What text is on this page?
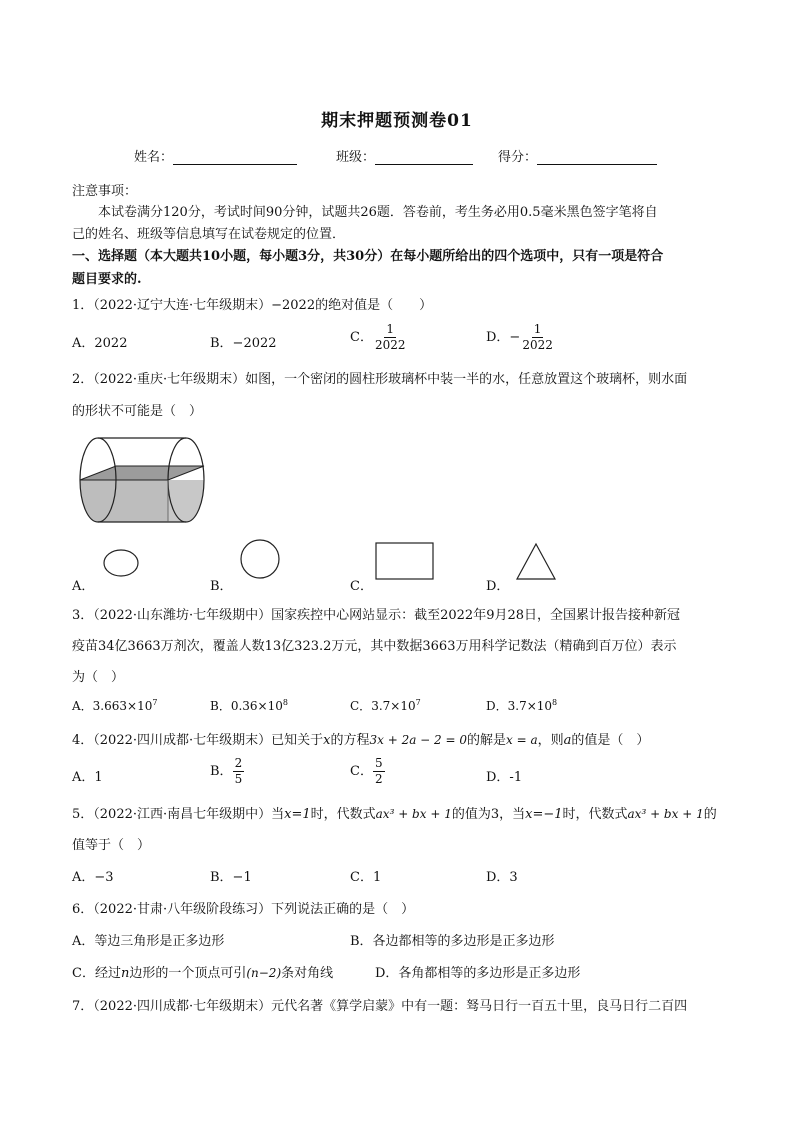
期末押题预测卷01
姓名：	班级：	得分：
注意事项：
本试卷满分120分，考试时间90分钟，试题共26题．答卷前，考生务必用0.5毫米黑色签字笔将自
己的姓名、班级等信息填写在试卷规定的位置．
一、选择题（本大题共10小题，每小题3分，共30分）在每小题所给出的四个选项中，只有一项是符合
题目要求的.
1．（2022·辽宁大连·七年级期末）−2022的绝对值是（　　）
A．2022	B．−2022	C． $\frac{1}{2022}$	D．− $\frac{1}{2022}$
2．（2022·重庆·七年级期末）如图，一个密闭的圆柱形玻璃杯中装一半的水，任意放置这个玻璃杯，则水面
的形状不可能是（　）
A．	B．	C．	D．
3．（2022·山东潍坊·七年级期中）国家疾控中心网站显示：截至2022年9月28日，全国累计报告接种新冠
疫苗34亿3663万剂次，覆盖人数13亿323.2万元，其中数据3663万用科学记数法（精确到百万位）表示
为（　）
A．$3.663\times 10^7$	B．$0.36\times 10^8$	C．$3.7\times 10^7$	D．$3.7\times 10^8$
4．（2022·四川成都·七年级期末）已知关于x的方程3x + 2a − 2 = 0的解是x = a，则a的值是（　）
A．1	B． $\frac{2}{5}$	C． $\frac{5}{2}$	D．-1
5．（2022·江西·南昌七年级期中）当x=1时，代数式ax³ + bx + 1的值为3，当x=−1时，代数式ax³ + bx + 1的
值等于（　）
A．−3	B．−1	C．1	D．3
6．（2022·甘肃·八年级阶段练习）下列说法正确的是（　）
A．等边三角形是正多边形	B．各边都相等的多边形是正多边形
C．经过n边形的一个顶点可引(n−2)条对角线	D．各角都相等的多边形是正多边形
7．（2022·四川成都·七年级期末）元代名著《算学启蒙》中有一题：驽马日行一百五十里，良马日行二百四
